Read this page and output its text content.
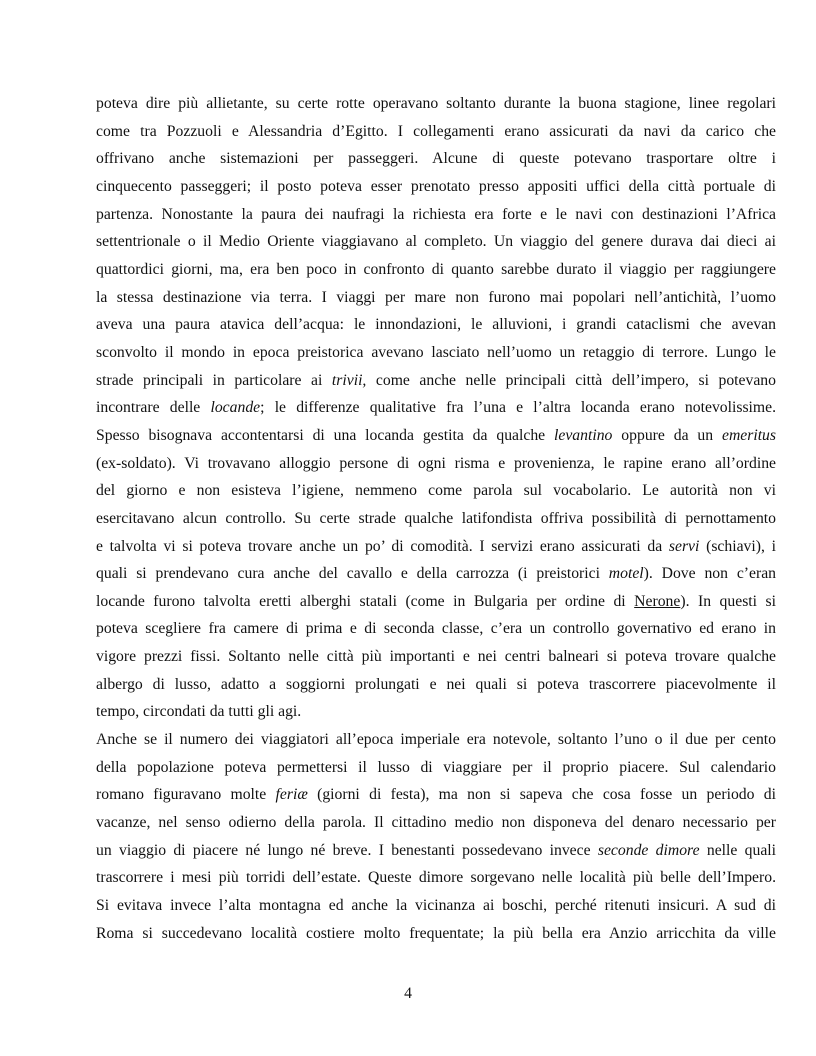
poteva dire più allietante, su certe rotte operavano soltanto durante la buona stagione, linee regolari
come tra Pozzuoli e Alessandria d’Egitto. I collegamenti erano assicurati da navi da carico che
offrivano anche sistemazioni per passeggeri. Alcune di queste potevano trasportare oltre i
cinquecento passeggeri; il posto poteva esser prenotato presso appositi uffici della città portuale di
partenza. Nonostante la paura dei naufragi la richiesta era forte e le navi con destinazioni l’Africa
settentrionale o il Medio Oriente viaggiavano al completo. Un viaggio del genere durava dai dieci ai
quattordici giorni, ma, era ben poco in confronto di quanto sarebbe durato il viaggio per raggiungere
la stessa destinazione via terra. I viaggi per mare non furono mai popolari nell’antichità, l’uomo
aveva una paura atavica dell’acqua: le innondazioni, le alluvioni, i grandi cataclismi che avevan
sconvolto il mondo in epoca preistorica avevano lasciato nell’uomo un retaggio di terrore. Lungo le
strade principali in particolare ai trivii, come anche nelle principali città dell’impero, si potevano
incontrare delle locande; le differenze qualitative fra l’una e l’altra locanda erano notevolissime.
Spesso bisognava accontentarsi di una locanda gestita da qualche levantino oppure da un emeritus
(ex-soldato). Vi trovavano alloggio persone di ogni risma e provenienza, le rapine erano all’ordine
del giorno e non esisteva l’igiene, nemmeno come parola sul vocabolario. Le autorità non vi
esercitavano alcun controllo. Su certe strade qualche latifondista offriva possibilità di pernottamento
e talvolta vi si poteva trovare anche un po’ di comodità. I servizi erano assicurati da servi (schiavi), i
quali si prendevano cura anche del cavallo e della carrozza (i preistorici motel). Dove non c’eran
locande furono talvolta eretti alberghi statali (come in Bulgaria per ordine di Nerone). In questi si
poteva scegliere fra camere di prima e di seconda classe, c’era un controllo governativo ed erano in
vigore prezzi fissi. Soltanto nelle città più importanti e nei centri balneari si poteva trovare qualche
albergo di lusso, adatto a soggiorni prolungati e nei quali si poteva trascorrere piacevolmente il
tempo, circondati da tutti gli agi.
Anche se il numero dei viaggiatori all’epoca imperiale era notevole, soltanto l’uno o il due per cento
della popolazione poteva permettersi il lusso di viaggiare per il proprio piacere. Sul calendario
romano figuravano molte feriæ (giorni di festa), ma non si sapeva che cosa fosse un periodo di
vacanze, nel senso odierno della parola. Il cittadino medio non disponeva del denaro necessario per
un viaggio di piacere né lungo né breve. I benestanti possedevano invece seconde dimore nelle quali
trascorrere i mesi più torridi dell’estate. Queste dimore sorgevano nelle località più belle dell’Impero.
Si evitava invece l’alta montagna ed anche la vicinanza ai boschi, perché ritenuti insicuri. A sud di
Roma si succedevano località costiere molto frequentate; la più bella era Anzio arricchita da ville
4
